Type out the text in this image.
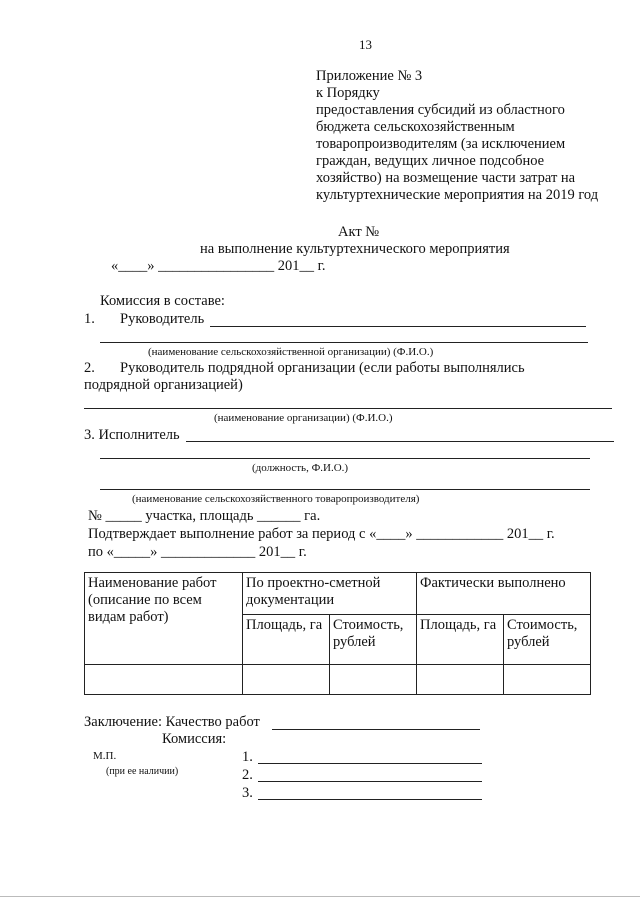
13
Приложение № 3
к Порядку
предоставления субсидий из областного
бюджета сельскохозяйственным
товаропроизводителям (за исключением
граждан, ведущих личное подсобное
хозяйство) на возмещение части затрат на
культуртехнические мероприятия на 2019 год
Акт №
на выполнение культуртехнического мероприятия
«____» ________________ 201__ г.
Комиссия в составе:
1. Руководитель
(наименование сельскохозяйственной организации) (Ф.И.О.)
2. Руководитель подрядной организации (если работы выполнялись
подрядной организацией)
(наименование организации) (Ф.И.О.)
3. Исполнитель
(должность, Ф.И.О.)
(наименование сельскохозяйственного товаропроизводителя)
№ _____ участка, площадь ______ га.
Подтверждает выполнение работ за период с «____» ____________ 201__ г.
по «_____» _____________ 201__ г.
Наименование работ (описание по всем видам работ)	По проектно-сметной документации		Фактически выполнено	
	Площадь, га	Стоимость, рублей	Площадь, га	Стоимость, рублей

Заключение: Качество работ
Комиссия:
М.П.
(при ее наличии)
1.
2.
3.
